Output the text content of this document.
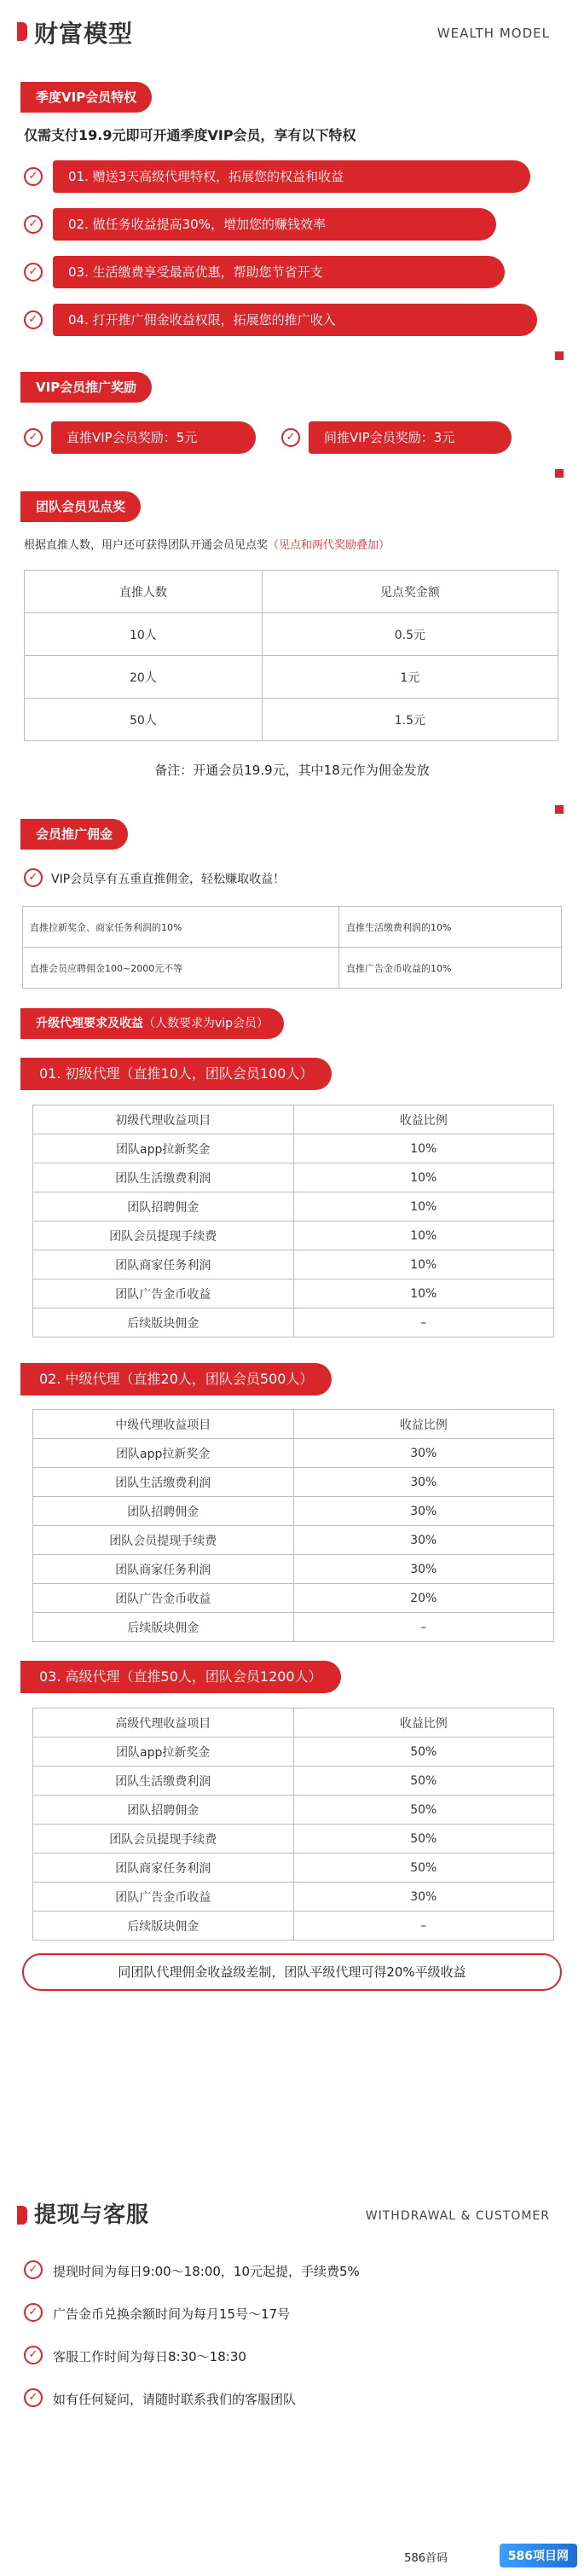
财富模型	WEALTH MODEL
季度VIP会员特权
仅需支付19.9元即可开通季度VIP会员，享有以下特权
✓	01. 赠送3天高级代理特权，拓展您的权益和收益
✓	02. 做任务收益提高30%，增加您的赚钱效率
✓	03. 生活缴费享受最高优惠，帮助您节省开支
✓	04. 打开推广佣金收益权限，拓展您的推广收入
VIP会员推广奖励
✓	直推VIP会员奖励：5元	✓	间推VIP会员奖励：3元
团队会员见点奖
根据直推人数，用户还可获得团队开通会员见点奖（见点和两代奖励叠加）
直推人数	见点奖金额
10人	0.5元
20人	1元
50人	1.5元
备注：开通会员19.9元，其中18元作为佣金发放
会员推广佣金
✓	VIP会员享有五重直推佣金，轻松赚取收益！
直推拉新奖金、商家任务利润的10%	直推生活缴费利润的10%
直推会员应聘佣金100~2000元不等	直推广告金币收益的10%
升级代理要求及收益（人数要求为vip会员）
01. 初级代理（直推10人，团队会员100人）
初级代理收益项目	收益比例
团队app拉新奖金	10%
团队生活缴费利润	10%
团队招聘佣金	10%
团队会员提现手续费	10%
团队商家任务利润	10%
团队广告金币收益	10%
后续版块佣金	–
02. 中级代理（直推20人，团队会员500人）
中级代理收益项目	收益比例
团队app拉新奖金	30%
团队生活缴费利润	30%
团队招聘佣金	30%
团队会员提现手续费	30%
团队商家任务利润	30%
团队广告金币收益	20%
后续版块佣金	–
03. 高级代理（直推50人，团队会员1200人）
高级代理收益项目	收益比例
团队app拉新奖金	50%
团队生活缴费利润	50%
团队招聘佣金	50%
团队会员提现手续费	50%
团队商家任务利润	50%
团队广告金币收益	30%
后续版块佣金	–
同团队代理佣金收益级差制，团队平级代理可得20%平级收益
提现与客服	WITHDRAWAL & CUSTOMER
✓	提现时间为每日9:00～18:00，10元起提，手续费5%
✓	广告金币兑换余额时间为每月15号～17号
✓	客服工作时间为每日8:30～18:30
✓	如有任何疑问，请随时联系我们的客服团队
586首码	586项目网
